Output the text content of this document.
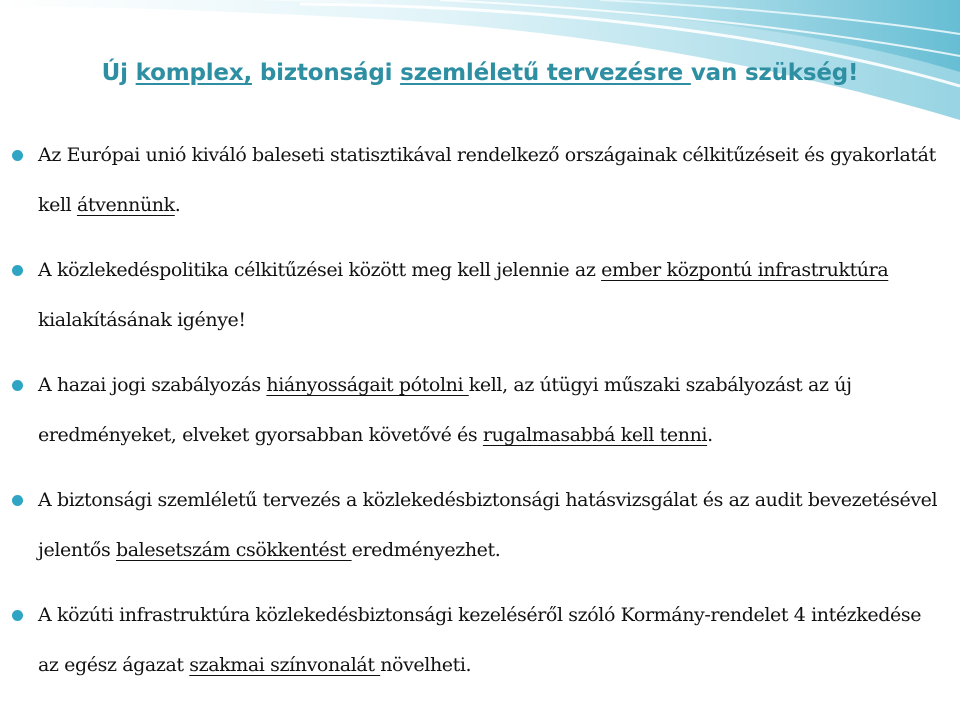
Új komplex, biztonsági szemléletű tervezésre van szükség!
Az Európai unió kiváló baleseti statisztikával rendelkező országainak célkitűzéseit és gyakorlatát kell átvennünk.
A közlekedéspolitika célkitűzései között meg kell jelennie az ember központú infrastruktúra kialakításának igénye!
A hazai jogi szabályozás hiányosságait pótolni kell, az útügyi műszaki szabályozást az új eredményeket, elveket gyorsabban követővé és rugalmasabbá kell tenni.
A biztonsági szemléletű tervezés a közlekedésbiztonsági hatásvizsgálat és az audit bevezetésével jelentős balesetszám csökkentést eredményezhet.
A közúti infrastruktúra közlekedésbiztonsági kezeléséről szóló Kormány-rendelet 4 intézkedése az egész ágazat szakmai színvonalát növelheti.
